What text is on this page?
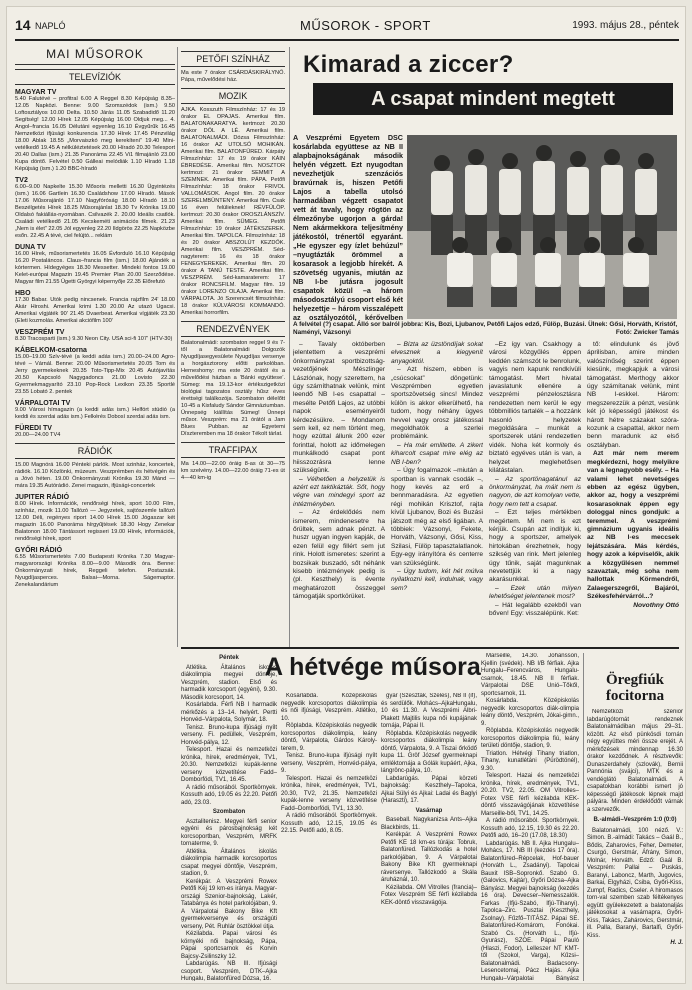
14 NAPLÓ	MŰSOROK - SPORT	1993. május 28., péntek
MAI MŰSOROK
TELEVÍZIÓK
MAGYAR TV
5.40 Falutévé – profitral 6.00 A Reggel 8.30 Képújság 8.35–12.05 Napközi. Benne: 9.00 Szomszédok (ism.) 9.50 Loftosztályos 10.00 Delta. 10.50 Járás 11.05 Szabadidő 11.20 Segítség! 12.00 Hírek 12.05 Képújság 16.00 Oldjuk meg... 4. Angol–francia 16.05 Délutáni egyenleg 16.10 Évgyűrűk 16.45 Nemzetközi ifjúsági konkurencia 17.30 Hírek 17.45 Pénzvilág 18.00 Ablak 18.55 „Morvaiszkó meg kerekíteni” 19.40 Mini-vetélkedő 19.45 A nélküléztetések 20.00 Híradó 20.30 Telesport 20.40 Dallas (ism.) 21.35 Panoráma 22.45 Vi1 filmajánló 23.00 Kupa döntő. Felvétel 0.50 Gálleai melódiák 1.10 Híradó 1.18 Képújság (ism.) 1.20 BBC-híradó
TV2
6.00–9.00 Napkelte 15.30 Mősoris melletti 16.30 Ügyintézés (ism.) 16.06 Gartlein 16.30 Családshow 17.00 Híradó. Mások 17.06 Műsorajánló 17.10 Nagyfóróság 18.00 Híradó 18.10 Beszélgetés Hírek 18.25 Műsorajánlat 18.30 Tv Krónika 19.00 Oldalsó fakiállás-nyomában. Csilvazék 2. 20.00 Ideális csatlók. Családi vetélkedő 21.05 Kecskeméti animációs filmek. 21.23 „Nem is élet” 22.05 Jól egyenleg 22.20 Ildgörös 22.25 Napközbe esőn. 22.45 A tévé, ciel felújtó... reklám
DUNA TV
16.00 Hírek, műsorismertetés 16.05 Évforduló 16.10 Képújság 16.20 Postaláncos. Claus–francia film (ism.) 18.00 Ajándék a kórtermen. Hídegyéges 18.30 Messetter. Mindeki fontos 19.00 Kelet-európai Magazin 19.45 Premier Plan 20.00 Szerződése. Magyar film 21.55 Ügetti Györgyi képernyője 22.35 Előrefutó
HBO
17.30 Babar. Utók pedig nincsenek. Francia rajzfilm 24' 18.00 Akár Hiroshi. Amerikai krimi 1.30 20.00 Az utazó Ugacsi. Amerikai vígjáték 90' 21.45 Dvaerbeat. Amerikai vígjáték 23.30 (Eleti kozmolás. Amerikai akciófilm 100'
VESZPRÉM TV
8.30 Tracosparti (ism.) 9.30 Neon City. USA sci-fi 107' (HTV-30)
KÁBELKOM-csatorna
15.00–19.00 Szív-tévé (a keddi adás ism.) 20.00–24.00 Agro-tévé – Várnál. Benne: 20.00 Műsorismertetés 20.05 Tom és Jerry gyermekeknek 20.35 Toto-Tipp-Mix 20.45 Autójavítás 20.50 Kapcsoló Nagygadoncs 21.00 Lovisto 22.30 Gyermekmagyarító 23.10 Pop-Rock Lexikon 23.35 Sportlé 23.55 Lobató 2. pentek
VÁRPALOTAI TV
9.00 Városi hímagazin (a keddi adás ism.) Helfórt stúdió (a keddi és szerdai adás ism.) Felkérés Dobosí szerdai adás ism.
FÜREDI TV
20.00—24.00 TV4
RÁDIÓK
15.00 Magnórá 16.00 Pénteki párlók. Most szinház, koncertek, rádiók. 16.10 Közlönki, múzeum. Veszprémben és hétvégén és a Jóvó héten. 19.00 Önkormányzati Krónika 19.30 Mánd — mára 19.35 Autórádió. Zenei magazin, ifjúsági-concertek
JUPITER RÁDIÓ
8.00 Hírek. Információk, rendőrségi hírek, sport 10.00 Film, színház, mozik 11.00 Tallózó — Jegyzetek, sajtószemle tallózó 12.00 Déli, regényes riport 14.00 Hírek 15.00 Jógaszar két magazin 16.00 Panoráma hírgyűjtések 18.30 Hogy Zenekar Balatonon 18.00 Tántássort regisseri 19.00 Hírek, információk, rendőrségi hírek, sport
GYŐRI RÁDIÓ
6.55 Műsorismertetés 7.00 Budapesti Krónika 7.30 Magyar-magyarországi Krónika 8.00—9.00 Második óra. Benne: Önkormányzati hírek, Reggeli telefon. Postazsák. Nyugdíjasperces. Balsai—Morna. Ságemaptor. Zenekalandárium
PETŐFI SZÍNHÁZ
Ma este 7 órakor CSÁRDÁSKIRÁLYNŐ. Pápa, művelődési ház.
MOZIK
AJKA. Kosszuth Filmszínház: 17 és 19 órakor EL OPAJAS. Amerikai film. BALATONAKARATYA. kertmozi: 20.30 órakor DÖL A LÉ. Amerikai film. BALATONALMÁDI. Dózsa Filmszínház: 16 órakor AZ UTOLSÓ MOHIKÁN. Amerikai film. BALATONFŰRED. Kárpáty Filmszínház: 17 és 19 órakor KÁIN ÉBREDÉSE. Amerikai film. NOSZTOR kertmozi: 21 órakor SEMMIT A SZEMNEK. Amerikai film. PÁPA. Petőfi Filmszínház: 18 órakor FRIVOL VALLOMÁSOK. Angol film. 20 órakor SZERELMBÜNTENY. Amerikai film. Csak 16 éven felülieknek! RÉVFÜLÖP. kertmozi: 20.30 órakor OROSZLÁNSZÍV. Amerikai film. SÜMEG. Petőfi Filmszínház: 19 órakor JÁTÉKSZEREK. Amerikai film. TAPOLCA. Filmszínház: 18 és 20 órakor ABSZOLÚT KEZDŐK. Amerikai film. VESZPRÉM. Séd-nagyterem: 16 és 18 órakor FENEGYEREKEK. Amerikai film. 20 órakor A TANÚ TESTE. Amerikai film. VESZPRÉM. Séd-kamaraterem: 17 órakor RONCSFILM. Magyar film. 19 órakor LORENZO OLAJA. Amerikai film. VÁRPALOTA. Jó Szerencsét filmszínház: 18 órakor KÜLVÁROSI KOMMANDÓ. Amerikai horrorfilm.
RENDEZVÉNYEK
Balatonalmádi: szombaton reggel 9 és 7-től a Balatonalmádi Dolgozók Nyugdíjasegyesülete Nyugdíjas versenye a horgásztorony előtti parkolóban. Herneshomy: ma este 20 órától és a művelődési házban a ‘Bánki együttese’. Sümeg: ma 19.13-kor értékszigetközi biológiai tagozatos osztály hűsz éves érettségi találkozója. Szombaton délelőtt 10-45 a Kisfaludy Sándor Gimnáziumban. Ünnepség kiállítás Sümeg! Ünnepi műsor. Veszprém: ma 21 órától a Jam Blues Pubban. az Egyetemi Díszteremben ma 18 órakor Tékolt tárlat.
TRAFFIPAX
Ma 14.00—22.00 óráig 8-as út 30—75 km szelvény. 14.00—22.00 óráig 71-es út 4—40 km-ig
Kimarad a ziccer?
A csapat mindent megtett

A Veszprémi Egyetem DSC kosárlabda együttese az NB II alapbajnokságának második helyén végzett. Ezt nyugodtan nevezhetjük szenzációs bravúrnak is, hiszen Petőfi Lajos a tabella utolsó harmadában végzett csapatot vett át tavaly, hogy rögtön az élmezőnybe ugorjon a gárda! Nem akármekkora teljesítmény játékostól, trénertől egyaránt. „He egyszer egy ízlet behúzul” –nyugtázták örömmel a kosarasok a legjobb hírekét. A szövetség ugyanis, miután az NB I-be jutásra jogosult csapatok közül –a három másodosztályú csoport első két helyezettje – három visszalépett az osztályozótól, kérővelben

A felvétel (?) csapat. Álló sor balról jobbra: Kis, Bozi, Ljubanov, Petőfi Lajos edző, Fülöp, Buzási. Ülnek: Gősi, Horváth, Kristóf, Naményi, Vázsonyi	Fotó: Zwicker Tamás

– Tavaly októberben jelentettem a veszprémi önkormányzat sportbizottság-vezetőjének Mészlinger Lászlónak, hogy szerettem, ha úgy számíthatnak velünk, mint leendő NB I-es csapattal –mesélte Petőfi Lajos, az utóbbi napok eseményeiről kérdezésükre. – Mondanom sem kell, ez nem történt meg, hogy ezúttal állunk 200 ezer forinttal, holott az időmelegen munkálkodó csapat pont hiisszozrásra lenne szükségünk.

– Vélhetően a helyzetük is azért ezt taktikázták. Sőt, hogy végre van mindegyi sport az intézményben.

– Az érdeklődés nem ismerem, mindenesetre ha őrültek, sem adnak pénzt. A huszr ugyan ingyen kapják, de ezen felül egy fillért sem jut rink. Holott ismeretes: szerint a bozsikak buszadó, sőt néhánk kisebb intézmények pedig is (pl. Keszthely) is évente meghatározott összeggel támogatják sportkörüket.

– Bízta az üzstöndíjak sokat elvesznek a kiegyenít anyagoktól.

– Azt hiszem, ebben is „csúcsokat” döngetünk: Veszprémben egyetlen sportszövetség sincs! Mindez külön is akkor elkerülhető, ha tudom, hogy néhány ügyes hevvel vagy orosz játékossal megoldhatók a szerlei problémáink.

– Ha már emlitette. A zikert kiharcolt csapat mire elég az NB I-ben?

– Úgy fogalmazok –miután a sportban is vannak csodák –, hogy kevés az erő a bennmaradásra. Az egyetlen régi mohikán Krisztof, rajta kívül Ljubanov, Bozi és Buzási játszott még az első ligában. A többiek: Vázsonyi, Fekete, Horváth, Vázsonyi, Gősi, Kiss, Szilasi, Fülöp tapasztalatlanok. Egy-egy irányítóra és centerre van szükségünk.

– Úgy tudom, két hét múlva nyilatkozni kell, indulnak, vagy sem?

–Ez így van. Csakhogy a városi közgyűlés éppen keddén számszót le benrolunk, vagyis nem kapunk rendkívüli támogatást. Mert hivatal javaslatunk ellenére a veszprémi pénzelosztásra rendezetten nem kerül le egy többmilliós tartalék – a hozzánk hasonló helyzetek megoldására – munkát a sportszerek utáni rendezetlen vidék. Noha két kormoly és biztató egyéves után is van, a helyzet meglehetősen kilátástalan.

– Az sportönagatánul az önkormányzat, ha máit nem is nagyon, de azt komolyan vette, hogy nem tett a csapat.

– Ezt teljes mértékben megértem. Mi nem is ezt kérjük. Csupán azt indítjuk ki, hogy a sportszer, amelyek hirtokában érezhetnek, hogy szikség van rink. Mert jelenleg úgy tűnik, saját magunknak nevetettjük ki a nagy akarásunkkal.

– Ezek után milyen lehetőséget jelentenek most?

– Hát legalább ezekből van bőven! Egy: visszalépünk. Ket:

tő: elindulunk és jövő áprilisban, amire minden valószínűség szerint éppen kiesünk, megkapjuk a városi támogatást. Merthogy akkor úgy számítanak velünk, mint NB I-eskkel. Három: megszerezzük a pénzt, vesünk két jó képességű játékost és hárott hétre százakat szóra-kozunk a csapattal, akkor nem benn maradunk az első osztályban.

Azt már nem merem megkérdezni, hogy melyikre van a legnagyobb esély. – Ha valami lehet nevetséges ebben az egész ügyben, akkor az, hogy a veszprémi kosarasoknak éppen egy dologgal nincs gondjuk: a teremmel. A veszprémi gimnázium ugyanis ideális az NB I-es meccsek lejátszására. Más kérdés, hogy azok a képviselők, akik a közgyűlésen nemmel szavaztak, még soha nem hallottak Körmendről, Zalaegerszegről, Bajáról, Székesfehérvárról...?

Novothny Ottó
A hétvége műsora
Péntek

Atlétika. Általános iskolás diákolimpia megyei döntője, Veszprém, stadion. Első és harmadik korcsoport (egyéni), 9.30. Második korcsoport, 14.

Kosárlabda. Férfi NB I harmadik mérkőzés a 13–14. helyért. Pertti Honvéd–Várpalota, Solymár, 18.

Tenisz. Bruno-kupa ifjúsági nyílt verseny. Fi. pedüllek, Veszprém, Honvéd-pálya, 12.

Telesport. Hazai és nemzetközi krónika, hírek, eredmények, TV1, 20.30. Nemzetközi kupák-lenne verseny közvetítése Fadd–Domborfödi, TV1, 16.45.

A rádió műsorából. Sportkörnyek. Kossuth adó, 19.05 és 22.20. Petőfi adó, 23.03.

Szombaton

Asztalitenisz. Megyei férfi senior egyéni és párosbajnokság két korcsoportban, Veszprém, MRFK tornaterme, 9.

Atlétika. Általános iskolás diákolimpia harmadik korcsoportos csapat megyei döntője, Veszprém, stadion, 9.

Kerékpár. A Veszprémi Rowex Petőfi Kéj 19 km-es iránya. Magyar-országi Szenior-bajnokság, Lakér, Tatabánya és hotel parkolójában, 9. A Várpalotai Bakony Bike Kft gyermekversenye és országúti verseny, Pét. Ruhlár ösztökkel útja.

Kézilabda. Papai városi és környéki női bajnokság, Pápa, Pápai sportcsarnok és Korvin Bajcsy-Zsilinszky 12.

Labdarúgás. NB III. Ifjúsági csoport. Veszprém, DTK–Ajka Hungalu, Balatonfüred Dózsa, 16.

Kosárlabda. Középiskolás negyedik korcsoportos diákolimpia és női ifjúsági, Veszprém. Atlétiko, 10.

Röplabda. Középiskolás negyedik korcsoportos diákolimpia, leány döntő, Várpalota, Gárdos Károly-terem, 9.

Tenisz. Bruno-kupa ifjúsági nyílt verseny, Veszprém, Honvéd-pálya, 9.

Telesport. Hazai és nemzetközi krónika, hírek, eredmények, TV1, 20.30, TV2, 21.35. Nemzetközi kupák-lenne verseny közvetítése Fadd–Domborfödi, TV1, 13.30.

A rádió műsorából. Sportkörnyek. Kossuth adó, 12.15, 19.05 és 22.15. Petőfi adó, 8.05.

gyar (Szeszták, Szeles), NB II (if), és serdülők. Mohács–AjkaHungalu, 10 és 11.30. A Veszprémi Albri-Plakett Majtilis kupa női kupájának tornája, Pápai II.

Röplabda. Középiskolás negyedik korcsoportos diákolimpia leány döntő, Várpalota, 9. A Tiszai őrködő kupa 11. Gröf József gyermeknapi emléktornája a Gólák kupáért, Ajka, lángrönc-pálya, 10.

Labdarúgás. Pápai körzeti bajnokság: Keszthely–Tapolca, Ajkai Sülyi és Ajkai: Ladai és Baglyi (Haraszti), 17.

Vasárnap

Baseball. Nagykanizsa Ants–Ajka Blackbirds, 11.

Kerékpár. A Veszprémi Rowex Petőfi KE 18 km-es túrája: Tobruk, Balatonfüred. Tallózkodás a hotel parkolójában, 9. A Várpalotai Bakony Bike Kft gyermeknapi ráversenye. Tallózkodó a Skála áruháznál, 10.

Kézilabda. OM Vitrolles (francia)–Fotex Veszprém SE férfi kézilabda KEK-döntő visszavágója.

Marseille, 14.30. Johansson, Kjellin (svédek). NB I/B férfiak. Ajka Hungalu–Ferencváros, Hungalu-csarnok, 18.45. NB II férfiak. Várpalotai DSE Unió–Tőkől, sportcsarnok, 11.

Kosárlabda. Középiskolás negyedik korcsoportos diák-olimpia leány döntő, Veszprém, Jókai-gimn., 9.

Röplabda. Középiskolás negyedik korcsoportos diákolimpia fiú, leány területi döntője, stadion, 9.

Triatlon. Hétvégi Tihany triatlon, Tihany, kunatlétáni (Pürödtönél), 9.30.

Telesport. Hazai és nemzetközi krónika, hírek, eredmények, TV1, 20.20. TV2, 22.05. OM Vitrolles–Fotex VSE férfi kézilabda KEK-döntő visszavágójának közvetítése Marseille-ből, TV1, 14.25.

A rádió műsorából. Sportkörnyek. Kossuth adó, 12.15, 19.30 és 22.20. Petőfi adó, 16–20 (17.08, 18.30)

Labdarúgás. NB II. Ajka Hungalu–Mohács, 17. NB III (kezdés 17 óra). Balatonfüred–Répcelak, Hof-bauer (Horváth L., Zsadányi). Tapolcai Bauxit ISB–Sopronkő. Szabó G. (Galovics, Kajtár), Győri Dózsa–Ajka Bányász. Megyei bajnokság (kezdés 16 óra). Devecser–Nemesszalók. Farkas (Ifjú-Szabó, Ifjú-Tihanyi). Tapolca–Zirc. Pusztai (Keszthely, Zsolnay). Fűzfő–TITÁSZ. Pápai SE. Balatonfüred-Komárom, Fonókai. Szabó Cs. (Horváth L., Ifjú-Gyurász), SZOE. Pápai Pauló (Hlaszi, Fodor), Lelleszer NT KMT-től (Szokol, Varga), Kűzsi–Balatonalmádi. Badacsony-Lesencetomaj, Pácz Hajás. Ajka Hungalu–Várpalotai Bányász

Öregfiúk focitorna

Nemzetközi szenior labdarúgótornát rendeznek Balatonalmádiban május 29–31. között. Az első pünkösdi tornán négy együttes méri össze erejét. A mérkőzések mindennap 16.30 órakor kezdődnek. A résztvevők: Dunaszerdahely (szlovák), Bernii Pannónia (svájci), MTK és a vendéglátó Balatonalmádi. A csapatokban korábbi ismert jó képességű játékosok lépnek majd pályára. Minden érdeklődőt várnak a szervezők.

B.-almádi–Veszprém 1:0 (0:0)

Balatonalmádi, 100 néző. V.: Simon. B.-almádi: Takács – Gaál B., Bődis, Zaharovics, Feher, Demeter, Csurgó, Gerstmár, Áfrány, Simon, Molnár, Horváth. Edző: Gaál B. Veszprém: Pallai – Puskás, Baranyi, Laboncz, Marth, Jugovics, Barkai, Elgyházi, Csiba, Győri-Kiss, Zumpf, Radics, Cseler. A hiromasos torn-val szemben szab féltékenyes együtt gyülekezetett a balatonaljás játékosokat a vasárnapra, Győri-Kiss, Takács, Zahárovics, Gerstmár, ill. Palla, Baranyi, Bartalfi, Győri-Kiss.

H. J.
